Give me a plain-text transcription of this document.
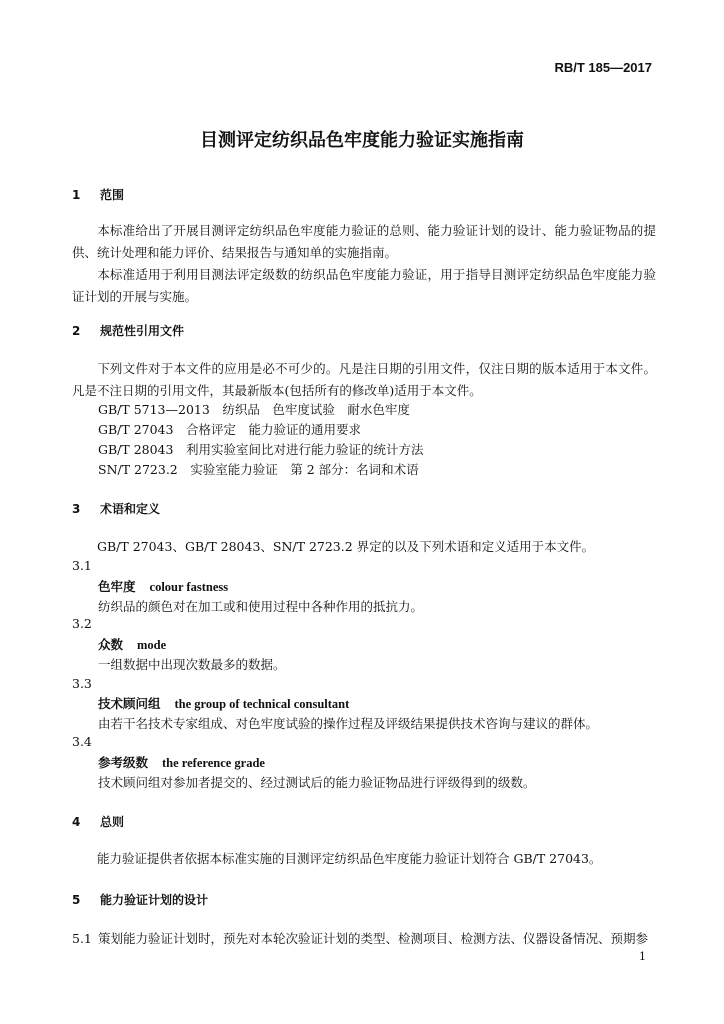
RB/T 185—2017
目测评定纺织品色牢度能力验证实施指南
1 范围
本标准给出了开展目测评定纺织品色牢度能力验证的总则、能力验证计划的设计、能力验证物品的提供、统计处理和能力评价、结果报告与通知单的实施指南。
本标准适用于利用目测法评定级数的纺织品色牢度能力验证，用于指导目测评定纺织品色牢度能力验证计划的开展与实施。
2 规范性引用文件
下列文件对于本文件的应用是必不可少的。凡是注日期的引用文件，仅注日期的版本适用于本文件。凡是不注日期的引用文件，其最新版本(包括所有的修改单)适用于本文件。
GB/T 5713—2013　纺织品　色牢度试验　耐水色牢度
GB/T 27043　合格评定　能力验证的通用要求
GB/T 28043　利用实验室间比对进行能力验证的统计方法
SN/T 2723.2　实验室能力验证　第 2 部分：名词和术语
3 术语和定义
GB/T 27043、GB/T 28043、SN/T 2723.2 界定的以及下列术语和定义适用于本文件。
3.1
色牢度 colour fastness
纺织品的颜色对在加工或和使用过程中各种作用的抵抗力。
3.2
众数 mode
一组数据中出现次数最多的数据。
3.3
技术顾问组 the group of technical consultant
由若干名技术专家组成、对色牢度试验的操作过程及评级结果提供技术咨询与建议的群体。
3.4
参考级数 the reference grade
技术顾问组对参加者提交的、经过测试后的能力验证物品进行评级得到的级数。
4 总则
能力验证提供者依据本标准实施的目测评定纺织品色牢度能力验证计划符合 GB/T 27043。
5 能力验证计划的设计
5.1 策划能力验证计划时，预先对本轮次验证计划的类型、检测项目、检测方法、仪器设备情况、预期参
1
